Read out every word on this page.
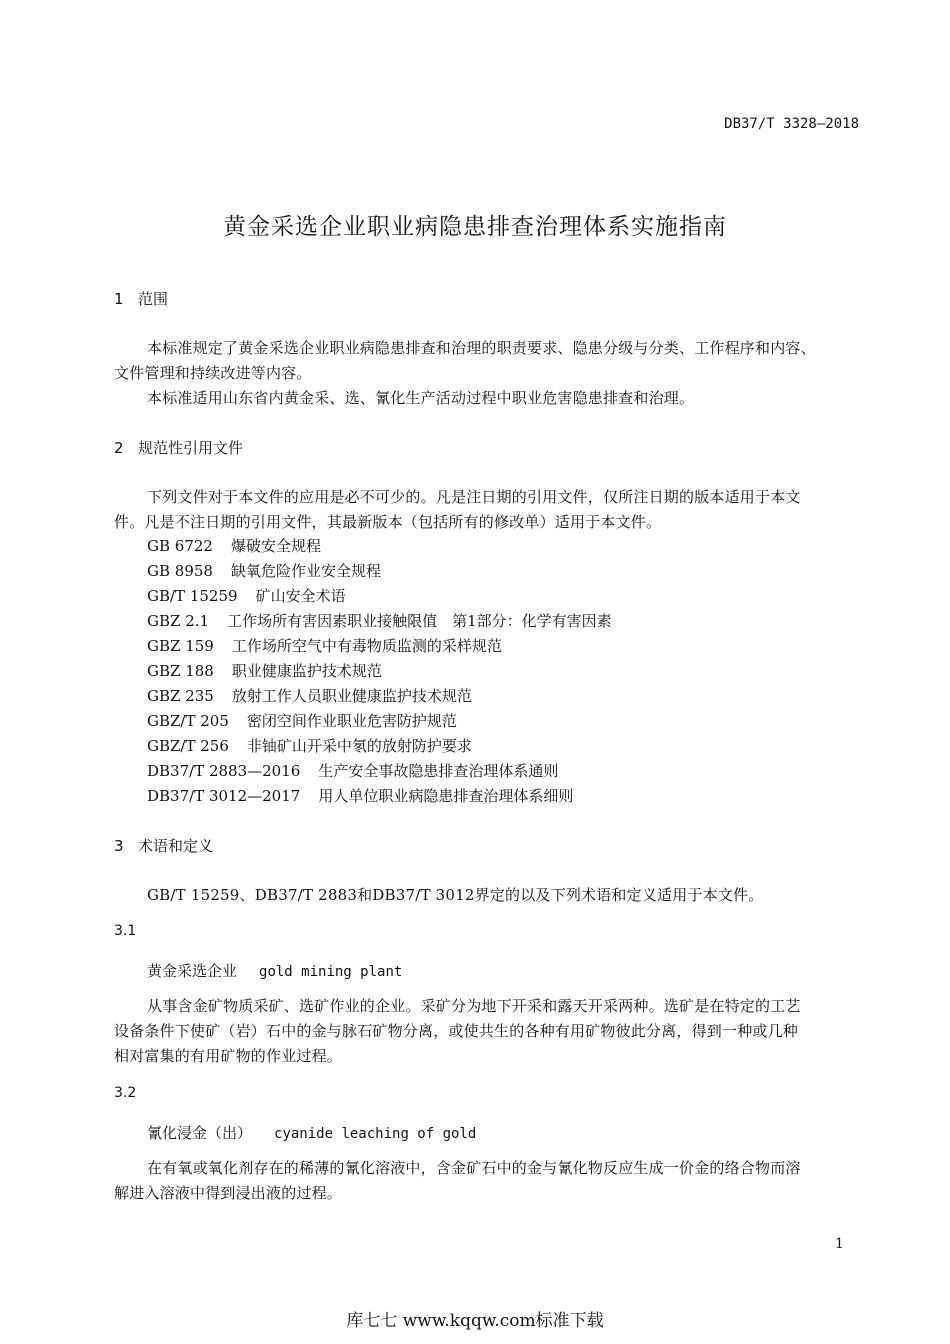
DB37/T 3328—2018
黄金采选企业职业病隐患排查治理体系实施指南
1 范围
本标准规定了黄金采选企业职业病隐患排查和治理的职责要求、隐患分级与分类、工作程序和内容、
文件管理和持续改进等内容。
本标准适用山东省内黄金采、选、氰化生产活动过程中职业危害隐患排查和治理。
2 规范性引用文件
下列文件对于本文件的应用是必不可少的。凡是注日期的引用文件，仅所注日期的版本适用于本文
件。凡是不注日期的引用文件，其最新版本（包括所有的修改单）适用于本文件。
GB 6722 爆破安全规程
GB 8958 缺氧危险作业安全规程
GB/T 15259 矿山安全术语
GBZ 2.1 工作场所有害因素职业接触限值　第1部分：化学有害因素
GBZ 159 工作场所空气中有毒物质监测的采样规范
GBZ 188 职业健康监护技术规范
GBZ 235 放射工作人员职业健康监护技术规范
GBZ/T 205 密闭空间作业职业危害防护规范
GBZ/T 256 非铀矿山开采中氡的放射防护要求
DB37/T 2883—2016 生产安全事故隐患排查治理体系通则
DB37/T 3012—2017 用人单位职业病隐患排查治理体系细则
3 术语和定义
GB/T 15259、DB37/T 2883和DB37/T 3012界定的以及下列术语和定义适用于本文件。
3.1
黄金采选企业 gold mining plant
从事含金矿物质采矿、选矿作业的企业。采矿分为地下开采和露天开采两种。选矿是在特定的工艺
设备条件下使矿（岩）石中的金与脉石矿物分离，或使共生的各种有用矿物彼此分离，得到一种或几种
相对富集的有用矿物的作业过程。
3.2
氰化浸金（出） cyanide leaching of gold
在有氧或氧化剂存在的稀薄的氰化溶液中，含金矿石中的金与氰化物反应生成一价金的络合物而溶
解进入溶液中得到浸出液的过程。
1
库七七 www.kqqw.com标准下载
